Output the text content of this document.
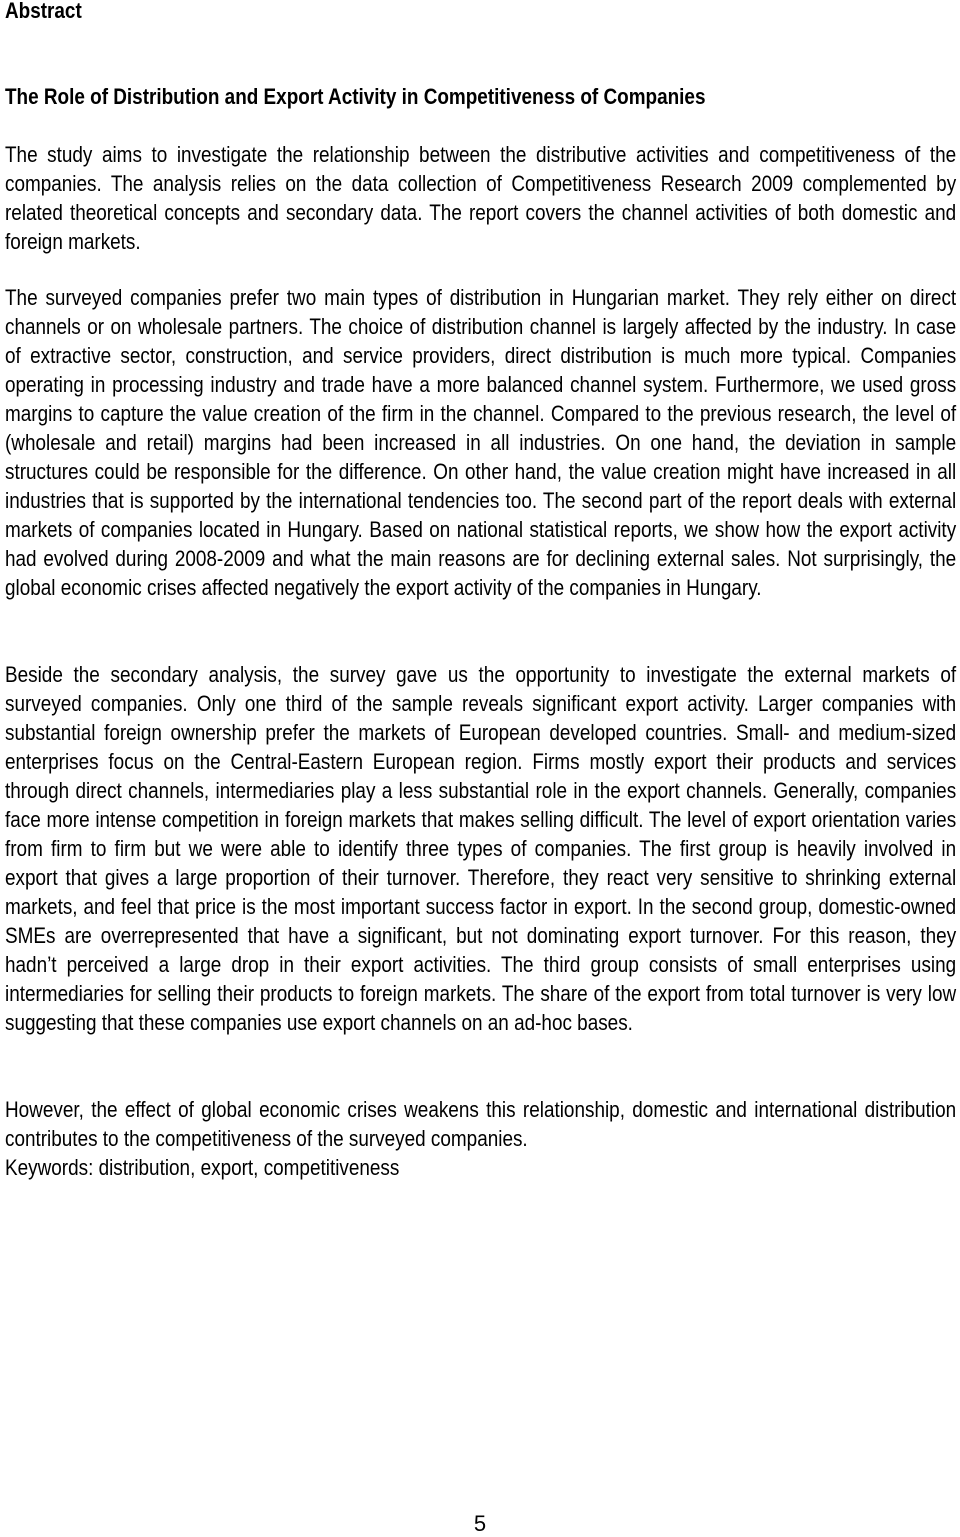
Abstract
The Role of Distribution and Export Activity in Competitiveness of Companies

The study aims to investigate the relationship between the distributive activities and competitiveness of the companies. The analysis relies on the data collection of Competitiveness Research 2009 complemented by related theoretical concepts and secondary data. The report covers the channel activities of both domestic and foreign markets.

The surveyed companies prefer two main types of distribution in Hungarian market. They rely either on direct channels or on wholesale partners. The choice of distribution channel is largely affected by the industry. In case of extractive sector, construction, and service providers, direct distribution is much more typical. Companies operating in processing industry and trade have a more balanced channel system. Furthermore, we used gross margins to capture the value creation of the firm in the channel. Compared to the previous research, the level of (wholesale and retail) margins had been increased in all industries. On one hand, the deviation in sample structures could be responsible for the difference. On other hand, the value creation might have increased in all industries that is supported by the international tendencies too. The second part of the report deals with external markets of companies located in Hungary. Based on national statistical reports, we show how the export activity had evolved during 2008-2009 and what the main reasons are for declining external sales. Not surprisingly, the global economic crises affected negatively the export activity of the companies in Hungary.

Beside the secondary analysis, the survey gave us the opportunity to investigate the external markets of surveyed companies. Only one third of the sample reveals significant export activity. Larger companies with substantial foreign ownership prefer the markets of European developed countries. Small- and medium-sized enterprises focus on the Central-Eastern European region. Firms mostly export their products and services through direct channels, intermediaries play a less substantial role in the export channels. Generally, companies face more intense competition in foreign markets that makes selling difficult. The level of export orientation varies from firm to firm but we were able to identify three types of companies. The first group is heavily involved in export that gives a large proportion of their turnover. Therefore, they react very sensitive to shrinking external markets, and feel that price is the most important success factor in export. In the second group, domestic-owned SMEs are overrepresented that have a significant, but not dominating export turnover. For this reason, they hadn’t perceived a large drop in their export activities. The third group consists of small enterprises using intermediaries for selling their products to foreign markets. The share of the export from total turnover is very low suggesting that these companies use export channels on an ad-hoc bases.

However, the effect of global economic crises weakens this relationship, domestic and international distribution contributes to the competitiveness of the surveyed companies.

Keywords: distribution, export, competitiveness

5
